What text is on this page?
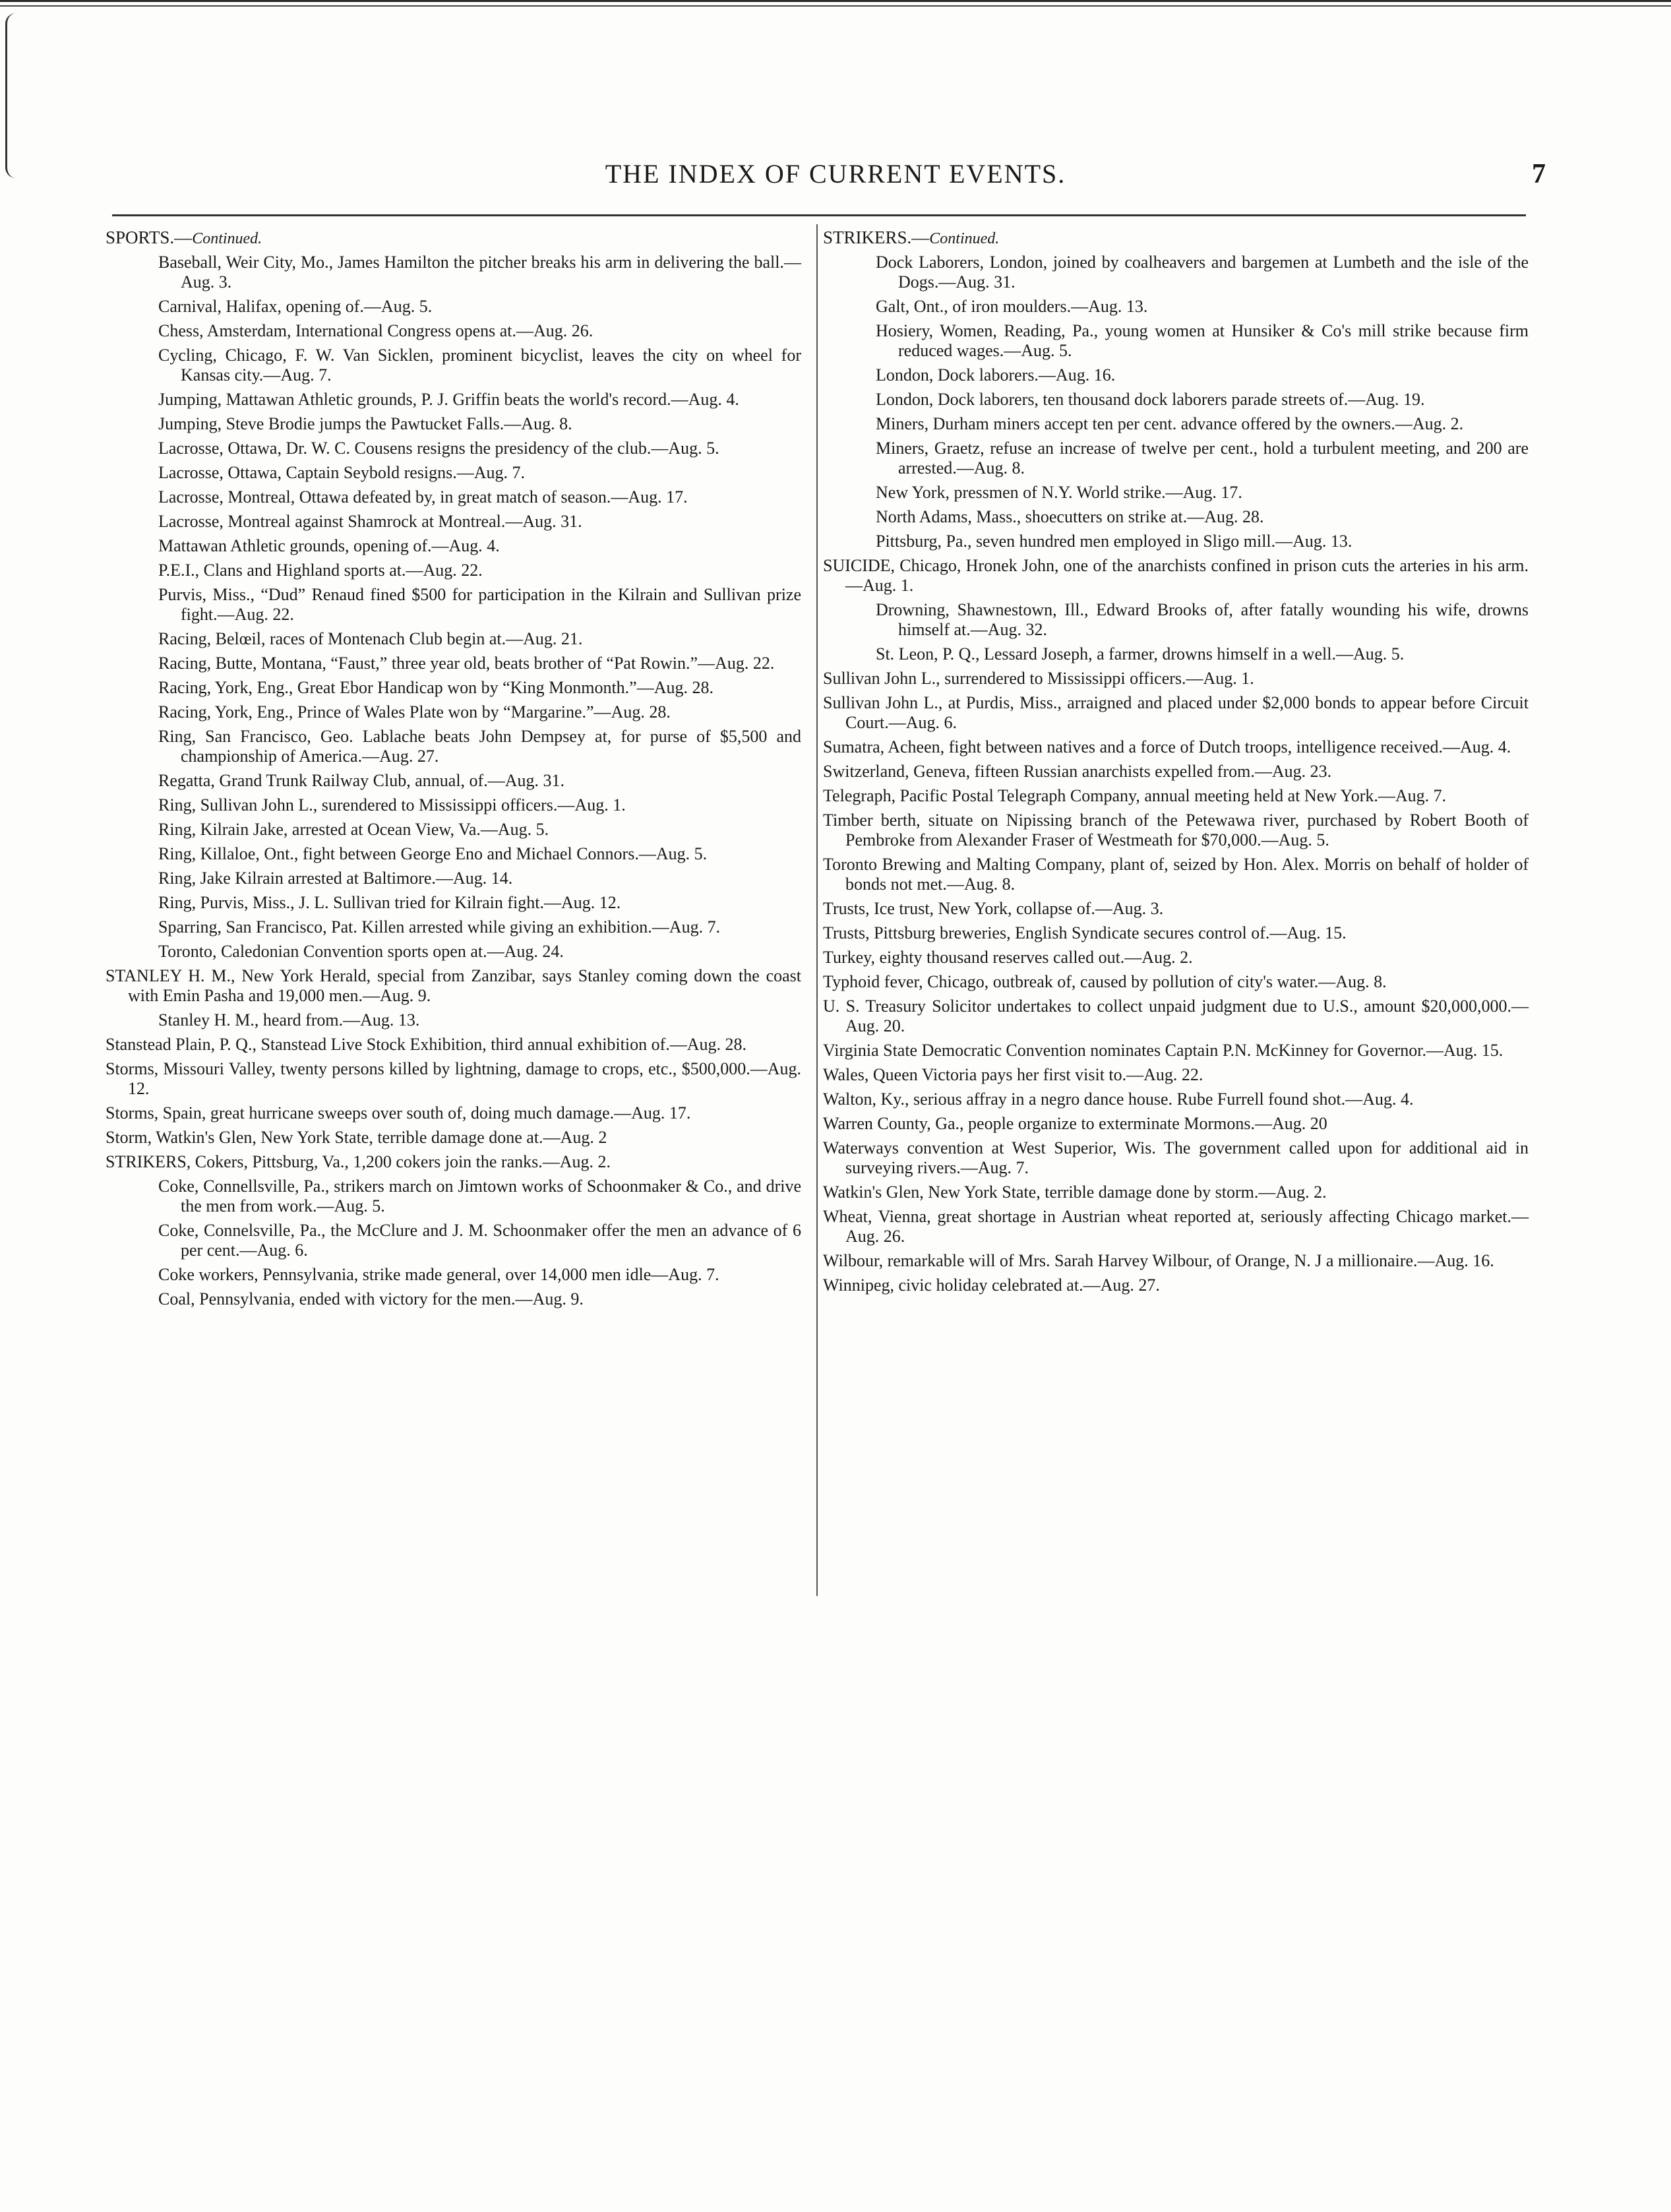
THE INDEX OF CURRENT EVENTS.	7
SPORTS.—Continued.
Baseball, Weir City, Mo., James Hamilton the pitcher breaks his arm in delivering the ball.—Aug. 3.
Carnival, Halifax, opening of.—Aug. 5.
Chess, Amsterdam, International Congress opens at.—Aug. 26.
Cycling, Chicago, F. W. Van Sicklen, prominent bicyclist, leaves the city on wheel for Kansas city.—Aug. 7.
Jumping, Mattawan Athletic grounds, P. J. Griffin beats the world's record.—Aug. 4.
Jumping, Steve Brodie jumps the Pawtucket Falls.—Aug. 8.
Lacrosse, Ottawa, Dr. W. C. Cousens resigns the presidency of the club.—Aug. 5.
Lacrosse, Ottawa, Captain Seybold resigns.—Aug. 7.
Lacrosse, Montreal, Ottawa defeated by, in great match of season.—Aug. 17.
Lacrosse, Montreal against Shamrock at Montreal.—Aug. 31.
Mattawan Athletic grounds, opening of.—Aug. 4.
P.E.I., Clans and Highland sports at.—Aug. 22.
Purvis, Miss., “Dud” Renaud fined $500 for participation in the Kilrain and Sullivan prize fight.—Aug. 22.
Racing, Belœil, races of Montenach Club begin at.—Aug. 21.
Racing, Butte, Montana, “Faust,” three year old, beats brother of “Pat Rowin.”—Aug. 22.
Racing, York, Eng., Great Ebor Handicap won by “King Monmonth.”—Aug. 28.
Racing, York, Eng., Prince of Wales Plate won by “Margarine.”—Aug. 28.
Ring, San Francisco, Geo. Lablache beats John Dempsey at, for purse of $5,500 and championship of America.—Aug. 27.
Regatta, Grand Trunk Railway Club, annual, of.—Aug. 31.
Ring, Sullivan John L., surendered to Mississippi officers.—Aug. 1.
Ring, Kilrain Jake, arrested at Ocean View, Va.—Aug. 5.
Ring, Killaloe, Ont., fight between George Eno and Michael Connors.—Aug. 5.
Ring, Jake Kilrain arrested at Baltimore.—Aug. 14.
Ring, Purvis, Miss., J. L. Sullivan tried for Kilrain fight.—Aug. 12.
Sparring, San Francisco, Pat. Killen arrested while giving an exhibition.—Aug. 7.
Toronto, Caledonian Convention sports open at.—Aug. 24.
STANLEY H. M., New York Herald, special from Zanzibar, says Stanley coming down the coast with Emin Pasha and 19,000 men.—Aug. 9.
Stanley H. M., heard from.—Aug. 13.
Stanstead Plain, P. Q., Stanstead Live Stock Exhibition, third annual exhibition of.—Aug. 28.
Storms, Missouri Valley, twenty persons killed by lightning, damage to crops, etc., $500,000.—Aug. 12.
Storms, Spain, great hurricane sweeps over south of, doing much damage.—Aug. 17.
Storm, Watkin's Glen, New York State, terrible damage done at.—Aug. 2
STRIKERS, Cokers, Pittsburg, Va., 1,200 cokers join the ranks.—Aug. 2.
Coke, Connellsville, Pa., strikers march on Jimtown works of Schoonmaker & Co., and drive the men from work.—Aug. 5.
Coke, Connelsville, Pa., the McClure and J. M. Schoonmaker offer the men an advance of 6 per cent.—Aug. 6.
Coke workers, Pennsylvania, strike made general, over 14,000 men idle—Aug. 7.
Coal, Pennsylvania, ended with victory for the men.—Aug. 9.
STRIKERS.—Continued.
Dock Laborers, London, joined by coalheavers and bargemen at Lumbeth and the isle of the Dogs.—Aug. 31.
Galt, Ont., of iron moulders.—Aug. 13.
Hosiery, Women, Reading, Pa., young women at Hunsiker & Co's mill strike because firm reduced wages.—Aug. 5.
London, Dock laborers.—Aug. 16.
London, Dock laborers, ten thousand dock laborers parade streets of.—Aug. 19.
Miners, Durham miners accept ten per cent. advance offered by the owners.—Aug. 2.
Miners, Graetz, refuse an increase of twelve per cent., hold a turbulent meeting, and 200 are arrested.—Aug. 8.
New York, pressmen of N.Y. World strike.—Aug. 17.
North Adams, Mass., shoecutters on strike at.—Aug. 28.
Pittsburg, Pa., seven hundred men employed in Sligo mill.—Aug. 13.
SUICIDE, Chicago, Hronek John, one of the anarchists confined in prison cuts the arteries in his arm.—Aug. 1.
Drowning, Shawnestown, Ill., Edward Brooks of, after fatally wounding his wife, drowns himself at.—Aug. 32.
St. Leon, P. Q., Lessard Joseph, a farmer, drowns himself in a well.—Aug. 5.
Sullivan John L., surrendered to Mississippi officers.—Aug. 1.
Sullivan John L., at Purdis, Miss., arraigned and placed under $2,000 bonds to appear before Circuit Court.—Aug. 6.
Sumatra, Acheen, fight between natives and a force of Dutch troops, intelligence received.—Aug. 4.
Switzerland, Geneva, fifteen Russian anarchists expelled from.—Aug. 23.
Telegraph, Pacific Postal Telegraph Company, annual meeting held at New York.—Aug. 7.
Timber berth, situate on Nipissing branch of the Petewawa river, purchased by Robert Booth of Pembroke from Alexander Fraser of Westmeath for $70,000.—Aug. 5.
Toronto Brewing and Malting Company, plant of, seized by Hon. Alex. Morris on behalf of holder of bonds not met.—Aug. 8.
Trusts, Ice trust, New York, collapse of.—Aug. 3.
Trusts, Pittsburg breweries, English Syndicate secures control of.—Aug. 15.
Turkey, eighty thousand reserves called out.—Aug. 2.
Typhoid fever, Chicago, outbreak of, caused by pollution of city's water.—Aug. 8.
U. S. Treasury Solicitor undertakes to collect unpaid judgment due to U.S., amount $20,000,000.—Aug. 20.
Virginia State Democratic Convention nominates Captain P.N. McKinney for Governor.—Aug. 15.
Wales, Queen Victoria pays her first visit to.—Aug. 22.
Walton, Ky., serious affray in a negro dance house. Rube Furrell found shot.—Aug. 4.
Warren County, Ga., people organize to exterminate Mormons.—Aug. 20
Waterways convention at West Superior, Wis. The government called upon for additional aid in surveying rivers.—Aug. 7.
Watkin's Glen, New York State, terrible damage done by storm.—Aug. 2.
Wheat, Vienna, great shortage in Austrian wheat reported at, seriously affecting Chicago market.—Aug. 26.
Wilbour, remarkable will of Mrs. Sarah Harvey Wilbour, of Orange, N. J a millionaire.—Aug. 16.
Winnipeg, civic holiday celebrated at.—Aug. 27.
